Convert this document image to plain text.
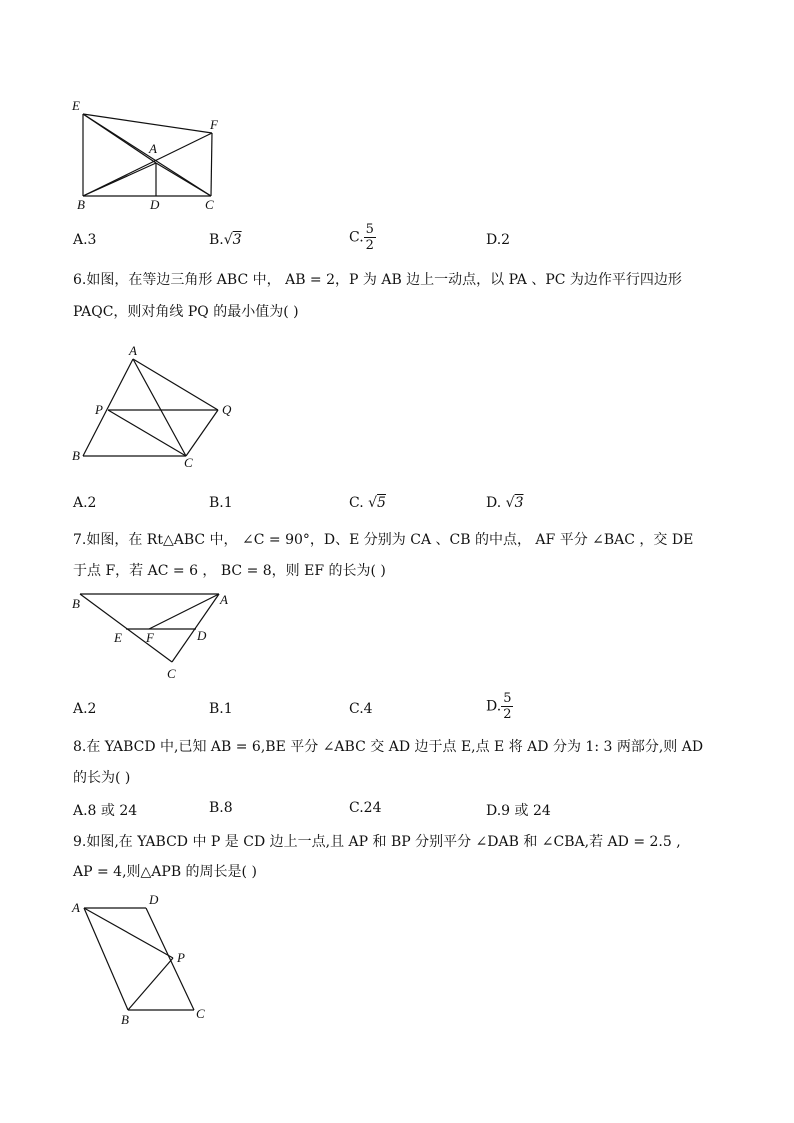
E
F
A
B	D	C
A.3	B.√3	C. $\frac{5}{2}$	D.2
6.如图，在等边三角形 ABC 中， AB = 2，P 为 AB 边上一动点，以 PA 、PC 为边作平行四边形
PAQC，则对角线 PQ 的最小值为( )
A
P	Q
B	C
A.2	B.1	C. √5	D. √3
7.如图，在 Rt△ABC 中， ∠C = 90°，D、E 分别为 CA 、CB 的中点， AF 平分 ∠BAC ，交 DE
于点 F，若 AC = 6 ， BC = 8，则 EF 的长为( )
B	A
E F	D
C
A.2	B.1	C.4	D. $\frac{5}{2}$
8.在 YABCD 中,已知 AB = 6,BE 平分 ∠ABC 交 AD 边于点 E,点 E 将 AD 分为 1: 3 两部分,则 AD
的长为( )
A.8 或 24	B.8	C.24	D.9 或 24
9.如图,在 YABCD 中 P 是 CD 边上一点,且 AP 和 BP 分别平分 ∠DAB 和 ∠CBA,若 AD = 2.5 ,
AP = 4,则△APB 的周长是( )
A
D
P
B	C
